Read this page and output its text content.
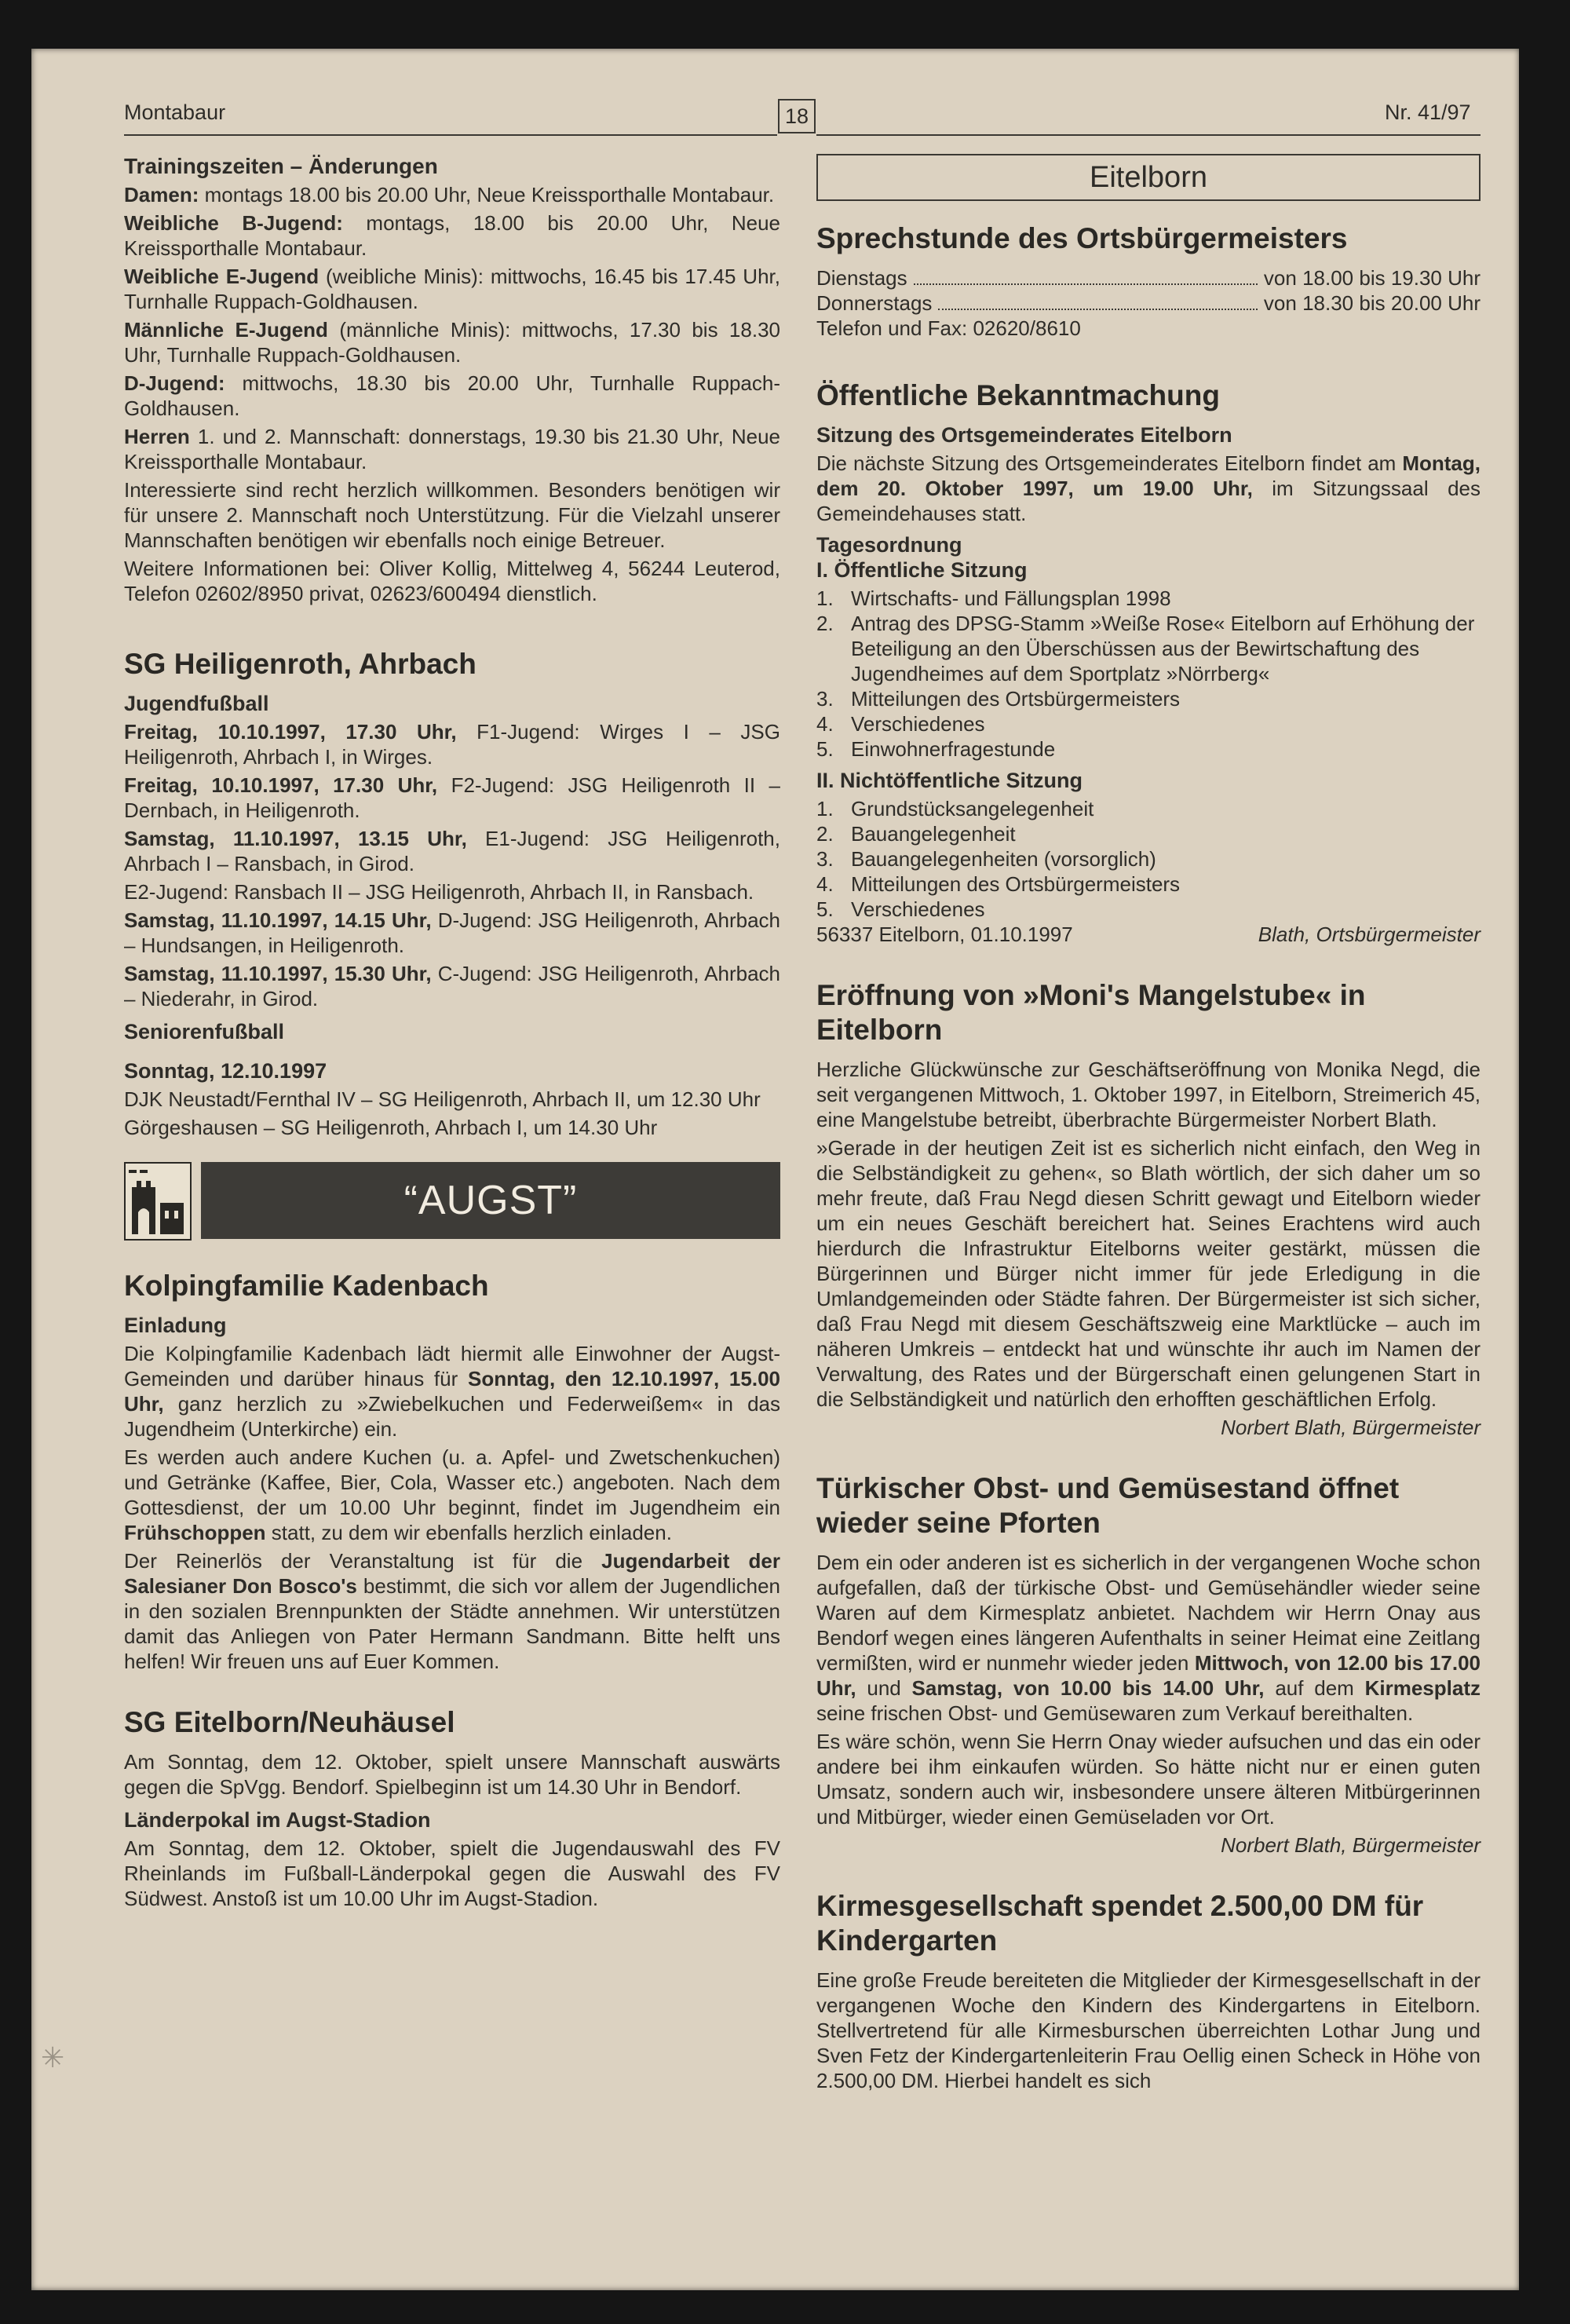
Montabaur	18	Nr. 41/97
Trainingszeiten – Änderungen

Damen: montags 18.00 bis 20.00 Uhr, Neue Kreissporthalle Montabaur.

Weibliche B-Jugend: montags, 18.00 bis 20.00 Uhr, Neue Kreissporthalle Montabaur.

Weibliche E-Jugend (weibliche Minis): mittwochs, 16.45 bis 17.45 Uhr, Turnhalle Ruppach-Goldhausen.

Männliche E-Jugend (männliche Minis): mittwochs, 17.30 bis 18.30 Uhr, Turnhalle Ruppach-Goldhausen.

D-Jugend: mittwochs, 18.30 bis 20.00 Uhr, Turnhalle Ruppach-Goldhausen.

Herren 1. und 2. Mannschaft: donnerstags, 19.30 bis 21.30 Uhr, Neue Kreissporthalle Montabaur.

Interessierte sind recht herzlich willkommen. Besonders benötigen wir für unsere 2. Mannschaft noch Unterstützung. Für die Vielzahl unserer Mannschaften benötigen wir ebenfalls noch einige Betreuer.

Weitere Informationen bei: Oliver Kollig, Mittelweg 4, 56244 Leuterod, Telefon 02602/8950 privat, 02623/600494 dienstlich.

SG Heiligenroth, Ahrbach
Jugendfußball

Freitag, 10.10.1997, 17.30 Uhr, F1-Jugend: Wirges I – JSG Heiligenroth, Ahrbach I, in Wirges.

Freitag, 10.10.1997, 17.30 Uhr, F2-Jugend: JSG Heiligenroth II – Dernbach, in Heiligenroth.

Samstag, 11.10.1997, 13.15 Uhr, E1-Jugend: JSG Heiligenroth, Ahrbach I – Ransbach, in Girod.

E2-Jugend: Ransbach II – JSG Heiligenroth, Ahrbach II, in Ransbach.

Samstag, 11.10.1997, 14.15 Uhr, D-Jugend: JSG Heiligenroth, Ahrbach – Hundsangen, in Heiligenroth.

Samstag, 11.10.1997, 15.30 Uhr, C-Jugend: JSG Heiligenroth, Ahrbach – Niederahr, in Girod.

Seniorenfußball
Sonntag, 12.10.1997

DJK Neustadt/Fernthal IV – SG Heiligenroth, Ahrbach II, um 12.30 Uhr

Görgeshausen – SG Heiligenroth, Ahrbach I, um 14.30 Uhr

“AUGST”
Kolpingfamilie Kadenbach
Einladung

Die Kolpingfamilie Kadenbach lädt hiermit alle Einwohner der Augst-Gemeinden und darüber hinaus für Sonntag, den 12.10.1997, 15.00 Uhr, ganz herzlich zu »Zwiebelkuchen und Federweißem« in das Jugendheim (Unterkirche) ein.

Es werden auch andere Kuchen (u. a. Apfel- und Zwetschenkuchen) und Getränke (Kaffee, Bier, Cola, Wasser etc.) angeboten. Nach dem Gottesdienst, der um 10.00 Uhr beginnt, findet im Jugendheim ein Frühschoppen statt, zu dem wir ebenfalls herzlich einladen.

Der Reinerlös der Veranstaltung ist für die Jugendarbeit der Salesianer Don Bosco's bestimmt, die sich vor allem der Jugendlichen in den sozialen Brennpunkten der Städte annehmen. Wir unterstützen damit das Anliegen von Pater Hermann Sandmann. Bitte helft uns helfen! Wir freuen uns auf Euer Kommen.

SG Eitelborn/Neuhäusel

Am Sonntag, dem 12. Oktober, spielt unsere Mannschaft auswärts gegen die SpVgg. Bendorf. Spielbeginn ist um 14.30 Uhr in Bendorf.

Länderpokal im Augst-Stadion

Am Sonntag, dem 12. Oktober, spielt die Jugendauswahl des FV Rheinlands im Fußball-Länderpokal gegen die Auswahl des FV Südwest. Anstoß ist um 10.00 Uhr im Augst-Stadion.

Eitelborn
Sprechstunde des Ortsbürgermeisters
Dienstags	von 18.00 bis 19.30 Uhr
Donnerstags	von 18.30 bis 20.00 Uhr

Telefon und Fax: 02620/8610

Öffentliche Bekanntmachung
Sitzung des Ortsgemeinderates Eitelborn

Die nächste Sitzung des Ortsgemeinderates Eitelborn findet am Montag, dem 20. Oktober 1997, um 19.00 Uhr, im Sitzungssaal des Gemeindehauses statt.

Tagesordnung
I. Öffentliche Sitzung
1. Wirtschafts- und Fällungsplan 1998
2. Antrag des DPSG-Stamm »Weiße Rose« Eitelborn auf Erhöhung der Beteiligung an den Überschüssen aus der Bewirtschaftung des Jugendheimes auf dem Sportplatz »Nörrberg«
3. Mitteilungen des Ortsbürgermeisters
4. Verschiedenes
5. Einwohnerfragestunde
II. Nichtöffentliche Sitzung
1. Grundstücksangelegenheit
2. Bauangelegenheit
3. Bauangelegenheiten (vorsorglich)
4. Mitteilungen des Ortsbürgermeisters
5. Verschiedenes
56337 Eitelborn, 01.10.1997	Blath, Ortsbürgermeister
Eröffnung von »Moni's Mangelstube« in Eitelborn

Herzliche Glückwünsche zur Geschäftseröffnung von Monika Negd, die seit vergangenen Mittwoch, 1. Oktober 1997, in Eitelborn, Streimerich 45, eine Mangelstube betreibt, überbrachte Bürgermeister Norbert Blath.

»Gerade in der heutigen Zeit ist es sicherlich nicht einfach, den Weg in die Selbständigkeit zu gehen«, so Blath wörtlich, der sich daher um so mehr freute, daß Frau Negd diesen Schritt gewagt und Eitelborn wieder um ein neues Geschäft bereichert hat. Seines Erachtens wird auch hierdurch die Infrastruktur Eitelborns weiter gestärkt, müssen die Bürgerinnen und Bürger nicht immer für jede Erledigung in die Umlandgemeinden oder Städte fahren. Der Bürgermeister ist sich sicher, daß Frau Negd mit diesem Geschäftszweig eine Marktlücke – auch im näheren Umkreis – entdeckt hat und wünschte ihr auch im Namen der Verwaltung, des Rates und der Bürgerschaft einen gelungenen Start in die Selbständigkeit und natürlich den erhofften geschäftlichen Erfolg.

Norbert Blath, Bürgermeister
Türkischer Obst- und Gemüsestand öffnet wieder seine Pforten

Dem ein oder anderen ist es sicherlich in der vergangenen Woche schon aufgefallen, daß der türkische Obst- und Gemüsehändler wieder seine Waren auf dem Kirmesplatz anbietet. Nachdem wir Herrn Onay aus Bendorf wegen eines längeren Aufenthalts in seiner Heimat eine Zeitlang vermißten, wird er nunmehr wieder jeden Mittwoch, von 12.00 bis 17.00 Uhr, und Samstag, von 10.00 bis 14.00 Uhr, auf dem Kirmesplatz seine frischen Obst- und Gemüsewaren zum Verkauf bereithalten.

Es wäre schön, wenn Sie Herrn Onay wieder aufsuchen und das ein oder andere bei ihm einkaufen würden. So hätte nicht nur er einen guten Umsatz, sondern auch wir, insbesondere unsere älteren Mitbürgerinnen und Mitbürger, wieder einen Gemüseladen vor Ort.

Norbert Blath, Bürgermeister
Kirmesgesellschaft spendet 2.500,00 DM für Kindergarten

Eine große Freude bereiteten die Mitglieder der Kirmesgesellschaft in der vergangenen Woche den Kindern des Kindergartens in Eitelborn. Stellvertretend für alle Kirmesburschen überreichten Lothar Jung und Sven Fetz der Kindergartenleiterin Frau Oellig einen Scheck in Höhe von 2.500,00 DM. Hierbei handelt es sich

✳
